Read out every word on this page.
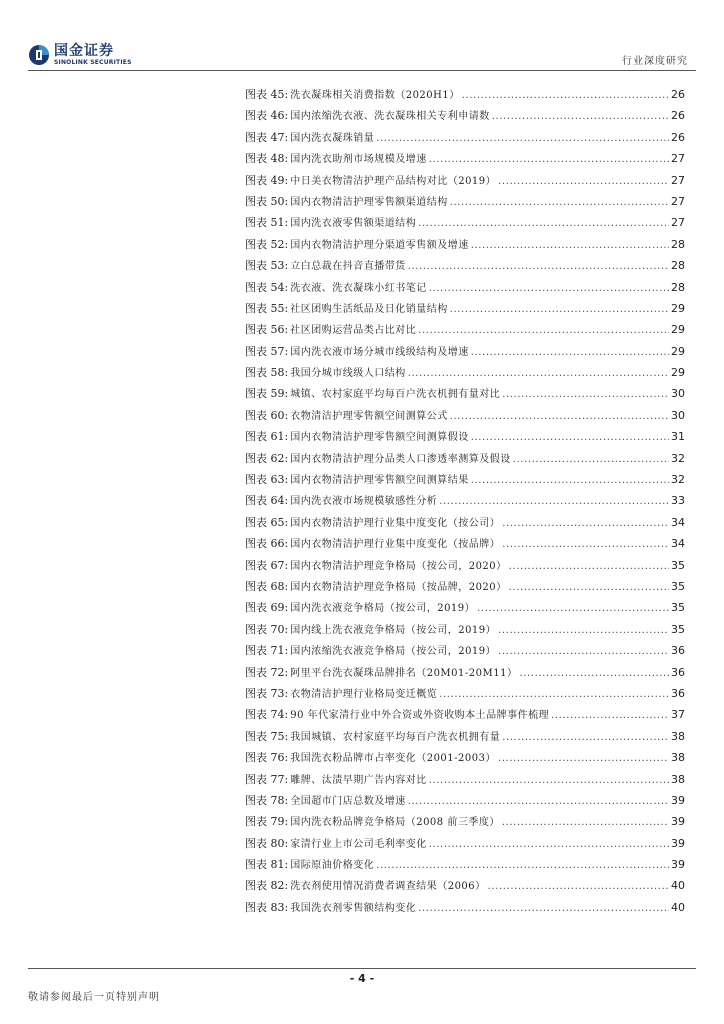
国金证券
SINOLINK SECURITIES	行业深度研究
图表 45: 洗衣凝珠相关消费指数（2020H1） .....	26
图表 46: 国内浓缩洗衣液、洗衣凝珠相关专利申请数 .....	26
图表 47: 国内洗衣凝珠销量 .....	26
图表 48: 国内洗衣助剂市场规模及增速 .....	27
图表 49: 中日美衣物清洁护理产品结构对比（2019） .....	27
图表 50: 国内衣物清洁护理零售额渠道结构 .....	27
图表 51: 国内洗衣液零售额渠道结构 .....	27
图表 52: 国内衣物清洁护理分渠道零售额及增速 .....	28
图表 53: 立白总裁在抖音直播带货 .....	28
图表 54: 洗衣液、洗衣凝珠小红书笔记 .....	28
图表 55: 社区团购生活纸品及日化销量结构 .....	29
图表 56: 社区团购运营品类占比对比 .....	29
图表 57: 国内洗衣液市场分城市线级结构及增速 .....	29
图表 58: 我国分城市线级人口结构 .....	29
图表 59: 城镇、农村家庭平均每百户洗衣机拥有量对比 .....	30
图表 60: 衣物清洁护理零售额空间测算公式 .....	30
图表 61: 国内衣物清洁护理零售额空间测算假设 .....	31
图表 62: 国内衣物清洁护理分品类人口渗透率测算及假设 .....	32
图表 63: 国内衣物清洁护理零售额空间测算结果 .....	32
图表 64: 国内洗衣液市场规模敏感性分析 .....	33
图表 65: 国内衣物清洁护理行业集中度变化（按公司） .....	34
图表 66: 国内衣物清洁护理行业集中度变化（按品牌） .....	34
图表 67: 国内衣物清洁护理竞争格局（按公司，2020） .....	35
图表 68: 国内衣物清洁护理竞争格局（按品牌，2020） .....	35
图表 69: 国内洗衣液竞争格局（按公司，2019） .....	35
图表 70: 国内线上洗衣液竞争格局（按公司，2019） .....	35
图表 71: 国内浓缩洗衣液竞争格局（按公司，2019） .....	36
图表 72: 阿里平台洗衣凝珠品牌排名（20M01-20M11） .....	36
图表 73: 衣物清洁护理行业格局变迁概览 .....	36
图表 74: 90 年代家清行业中外合资或外资收购本土品牌事件梳理 .....	37
图表 75: 我国城镇、农村家庭平均每百户洗衣机拥有量 .....	38
图表 76: 我国洗衣粉品牌市占率变化（2001-2003） .....	38
图表 77: 雕牌、汰渍早期广告内容对比 .....	38
图表 78: 全国超市门店总数及增速 .....	39
图表 79: 国内洗衣粉品牌竞争格局（2008 前三季度） .....	39
图表 80: 家清行业上市公司毛利率变化 .....	39
图表 81: 国际原油价格变化 .....	39
图表 82: 洗衣剂使用情况消费者调查结果（2006） .....	40
图表 83: 我国洗衣剂零售额结构变化 .....	40
- 4 -
敬请参阅最后一页特别声明
